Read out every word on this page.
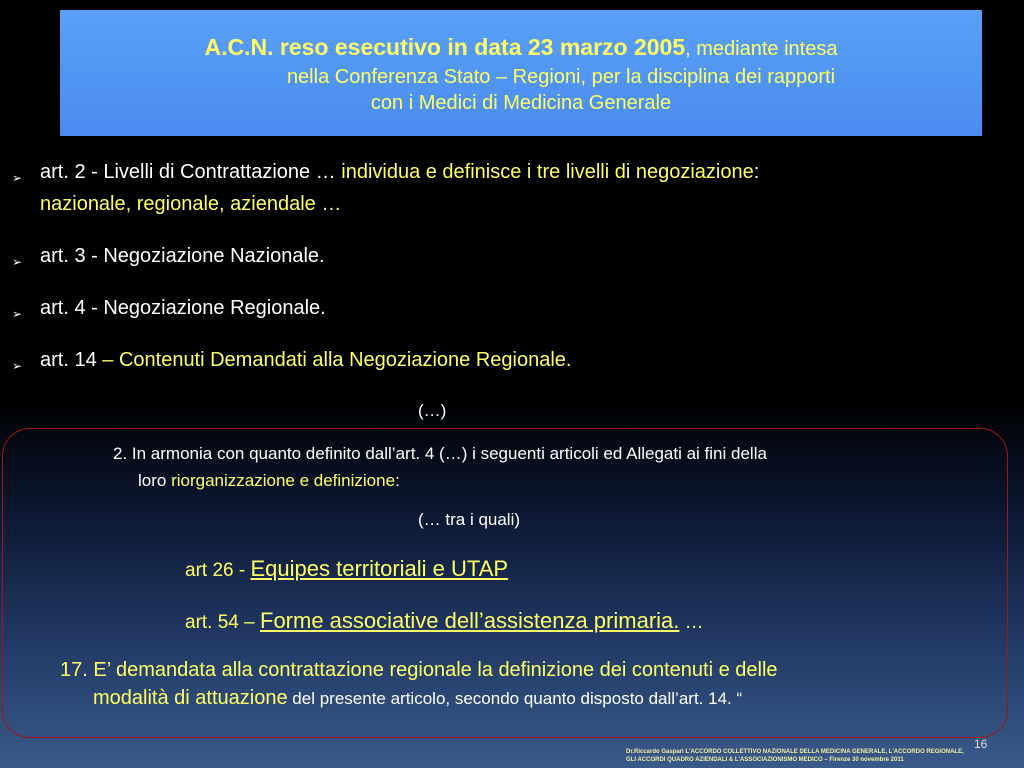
A.C.N. reso esecutivo in data 23 marzo 2005, mediante intesa
nella Conferenza Stato – Regioni, per la disciplina dei rapporti
con i Medici di Medicina Generale
➢ art. 2 - Livelli di Contrattazione … individua e definisce i tre livelli di negoziazione:
nazionale, regionale, aziendale …
➢ art. 3 - Negoziazione Nazionale.
➢ art. 4 - Negoziazione Regionale.
➢ art. 14 – Contenuti Demandati alla Negoziazione Regionale.
(…)
2. In armonia con quanto definito dall’art. 4 (…) i seguenti articoli ed Allegati ai fini della
loro riorganizzazione e definizione:
(… tra i quali)
art 26 - Equipes territoriali e UTAP
art. 54 – Forme associative dell’assistenza primaria. …
17. E’ demandata alla contrattazione regionale la definizione dei contenuti e delle
modalità di attuazione del presente articolo, secondo quanto disposto dall’art. 14. “
16
Dr.Riccardo Gaspari L'ACCORDO COLLETTIVO NAZIONALE DELLA MEDICINA GENERALE, L'ACCORDO REGIONALE,
GLI ACCORDI QUADRO AZIENDALI & L'ASSOCIAZIONISMO MEDICO – Firenze 30 novembre 2011
